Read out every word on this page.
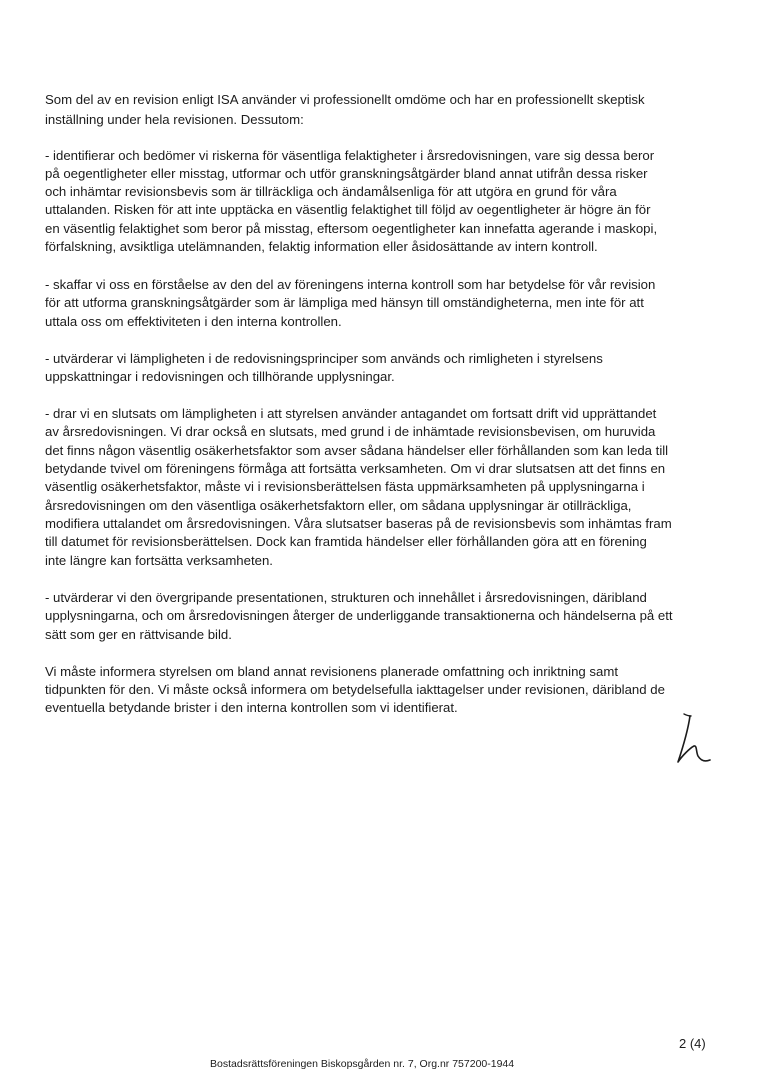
Som del av en revision enligt ISA använder vi professionellt omdöme och har en professionellt skeptisk
inställning under hela revisionen. Dessutom:
- identifierar och bedömer vi riskerna för väsentliga felaktigheter i årsredovisningen, vare sig dessa beror
på oegentligheter eller misstag, utformar och utför granskningsåtgärder bland annat utifrån dessa risker
och inhämtar revisionsbevis som är tillräckliga och ändamålsenliga för att utgöra en grund för våra
uttalanden. Risken för att inte upptäcka en väsentlig felaktighet till följd av oegentligheter är högre än för
en väsentlig felaktighet som beror på misstag, eftersom oegentligheter kan innefatta agerande i maskopi,
förfalskning, avsiktliga utelämnanden, felaktig information eller åsidosättande av intern kontroll.
- skaffar vi oss en förståelse av den del av föreningens interna kontroll som har betydelse för vår revision
för att utforma granskningsåtgärder som är lämpliga med hänsyn till omständigheterna, men inte för att
uttala oss om effektiviteten i den interna kontrollen.
- utvärderar vi lämpligheten i de redovisningsprinciper som används och rimligheten i styrelsens
uppskattningar i redovisningen och tillhörande upplysningar.
- drar vi en slutsats om lämpligheten i att styrelsen använder antagandet om fortsatt drift vid upprättandet
av årsredovisningen. Vi drar också en slutsats, med grund i de inhämtade revisionsbevisen, om huruvida
det finns någon väsentlig osäkerhetsfaktor som avser sådana händelser eller förhållanden som kan leda till
betydande tvivel om föreningens förmåga att fortsätta verksamheten. Om vi drar slutsatsen att det finns en
väsentlig osäkerhetsfaktor, måste vi i revisionsberättelsen fästa uppmärksamheten på upplysningarna i
årsredovisningen om den väsentliga osäkerhetsfaktorn eller, om sådana upplysningar är otillräckliga,
modifiera uttalandet om årsredovisningen. Våra slutsatser baseras på de revisionsbevis som inhämtas fram
till datumet för revisionsberättelsen. Dock kan framtida händelser eller förhållanden göra att en förening
inte längre kan fortsätta verksamheten.
- utvärderar vi den övergripande presentationen, strukturen och innehållet i årsredovisningen, däribland
upplysningarna, och om årsredovisningen återger de underliggande transaktionerna och händelserna på ett
sätt som ger en rättvisande bild.
Vi måste informera styrelsen om bland annat revisionens planerade omfattning och inriktning samt
tidpunkten för den. Vi måste också informera om betydelsefulla iakttagelser under revisionen, däribland de
eventuella betydande brister i den interna kontrollen som vi identifierat.
2 (4)
Bostadsrättsföreningen Biskopsgården nr. 7, Org.nr 757200-1944
